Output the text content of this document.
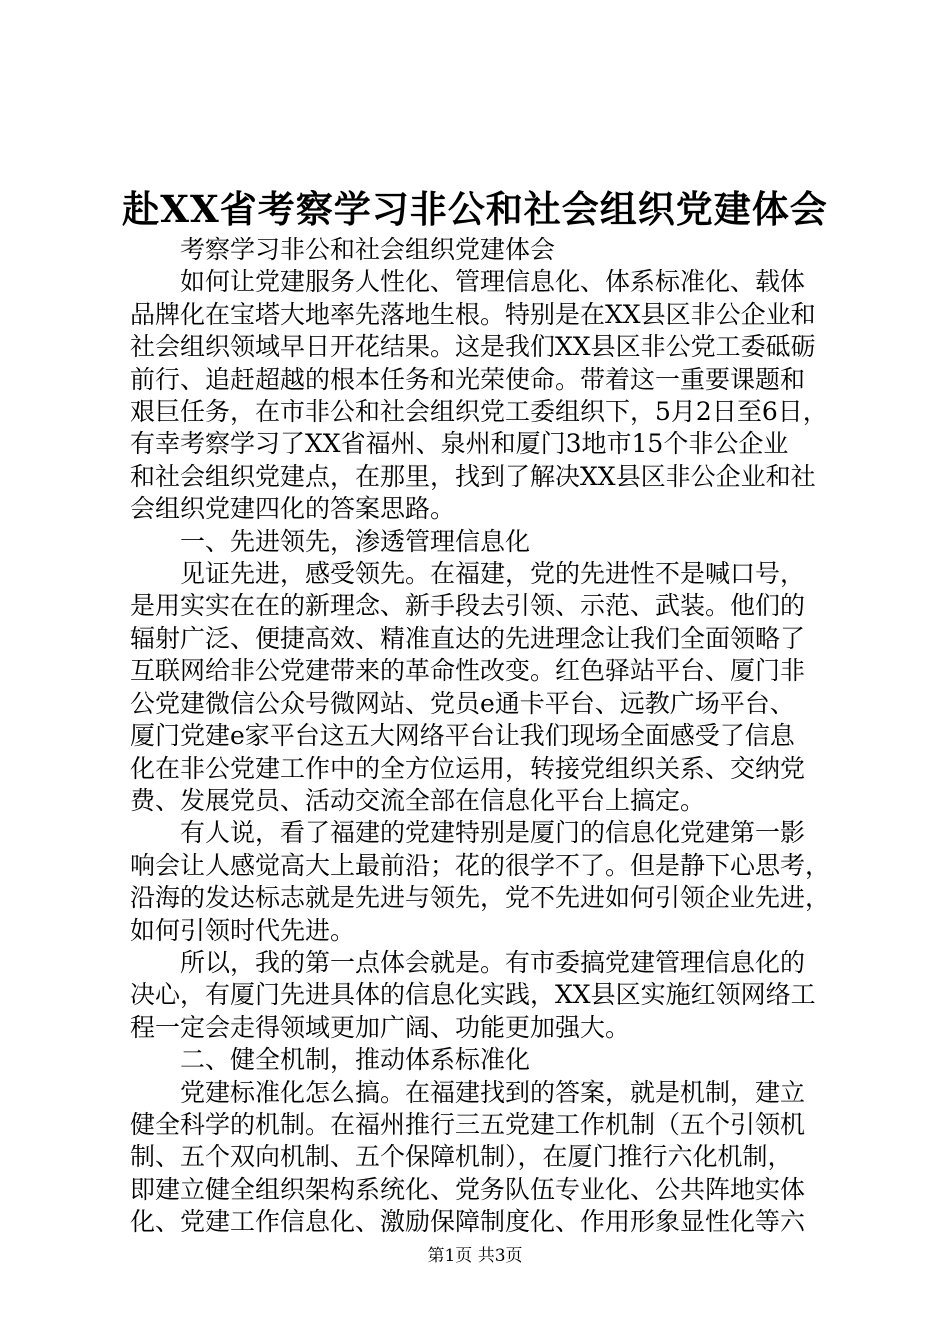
赴XX省考察学习非公和社会组织党建体会

考察学习非公和社会组织党建体会

如何让党建服务人性化、管理信息化、体系标准化、载体
品牌化在宝塔大地率先落地生根。特别是在XX县区非公企业和
社会组织领域早日开花结果。这是我们XX县区非公党工委砥砺
前行、追赶超越的根本任务和光荣使命。带着这一重要课题和
艰巨任务，在市非公和社会组织党工委组织下，5月2日至6日，
有幸考察学习了XX省福州、泉州和厦门3地市15个非公企业
和社会组织党建点，在那里，找到了解决XX县区非公企业和社
会组织党建四化的答案思路。

一、先进领先，渗透管理信息化

见证先进，感受领先。在福建，党的先进性不是喊口号，
是用实实在在的新理念、新手段去引领、示范、武装。他们的
辐射广泛、便捷高效、精准直达的先进理念让我们全面领略了
互联网给非公党建带来的革命性改变。红色驿站平台、厦门非
公党建微信公众号微网站、党员e通卡平台、远教广场平台、
厦门党建e家平台这五大网络平台让我们现场全面感受了信息
化在非公党建工作中的全方位运用，转接党组织关系、交纳党
费、发展党员、活动交流全部在信息化平台上搞定。

有人说，看了福建的党建特别是厦门的信息化党建第一影
响会让人感觉高大上最前沿；花的很学不了。但是静下心思考，
沿海的发达标志就是先进与领先，党不先进如何引领企业先进，
如何引领时代先进。

所以，我的第一点体会就是。有市委搞党建管理信息化的
决心，有厦门先进具体的信息化实践，XX县区实施红领网络工
程一定会走得领域更加广阔、功能更加强大。

二、健全机制，推动体系标准化

党建标准化怎么搞。在福建找到的答案，就是机制，建立
健全科学的机制。在福州推行三五党建工作机制（五个引领机
制、五个双向机制、五个保障机制），在厦门推行六化机制，
即建立健全组织架构系统化、党务队伍专业化、公共阵地实体
化、党建工作信息化、激励保障制度化、作用形象显性化等六

第1页 共3页
